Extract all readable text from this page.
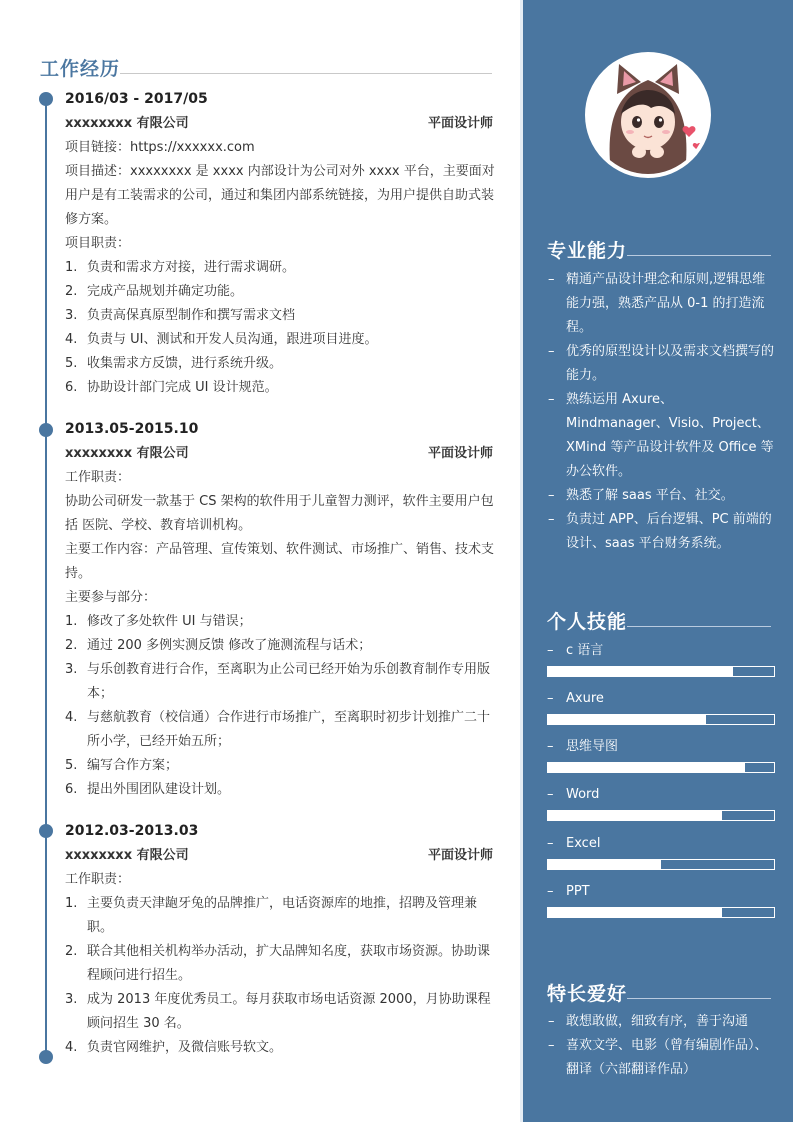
工作经历
2016/03 - 2017/05
xxxxxxxx 有限公司	平面设计师

项目链接：https://xxxxxx.com

项目描述：xxxxxxxx 是 xxxx 内部设计为公司对外 xxxx 平台，主要面对用户是有工装需求的公司，通过和集团内部系统链接，为用户提供自助式装修方案。

项目职责：

1. 负责和需求方对接，进行需求调研。
2. 完成产品规划并确定功能。
3. 负责高保真原型制作和撰写需求文档
4. 负责与 UI、测试和开发人员沟通，跟进项目进度。
5. 收集需求方反馈，进行系统升级。
6. 协助设计部门完成 UI 设计规范。
2013.05-2015.10
xxxxxxxx 有限公司	平面设计师

工作职责：

协助公司研发一款基于 CS 架构的软件用于儿童智力测评，软件主要用户包括 医院、学校、教育培训机构。

主要工作内容：产品管理、宣传策划、软件测试、市场推广、销售、技术支持。

主要参与部分：

1. 修改了多处软件 UI 与错误；
2. 通过 200 多例实测反馈 修改了施测流程与话术；
3. 与乐创教育进行合作，至离职为止公司已经开始为乐创教育制作专用版本；
4. 与慈航教育（校信通）合作进行市场推广，至离职时初步计划推广二十所小学，已经开始五所；
5. 编写合作方案；
6. 提出外围团队建设计划。
2012.03-2013.03
xxxxxxxx 有限公司	平面设计师

工作职责：

1. 主要负责天津龅牙兔的品牌推广，电话资源库的地推，招聘及管理兼职。
2. 联合其他相关机构举办活动，扩大品牌知名度，获取市场资源。协助课程顾问进行招生。
3. 成为 2013 年度优秀员工。每月获取市场电话资源 2000，月协助课程顾问招生 30 名。
4. 负责官网维护，及微信账号软文。
专业能力
– 精通产品设计理念和原则,逻辑思维能力强，熟悉产品从 0-1 的打造流程。
– 优秀的原型设计以及需求文档撰写的能力。
– 熟练运用 Axure、Mindmanager、Visio、Project、XMind 等产品设计软件及 Office 等办公软件。
– 熟悉了解 saas 平台、社交。
– 负责过 APP、后台逻辑、PC 前端的设计、saas 平台财务系统。
个人技能
– c 语言
– Axure
– 思维导图
– Word
– Excel
– PPT
特长爱好
– 敢想敢做，细致有序，善于沟通
– 喜欢文学、电影（曾有编剧作品）、翻译（六部翻译作品）
